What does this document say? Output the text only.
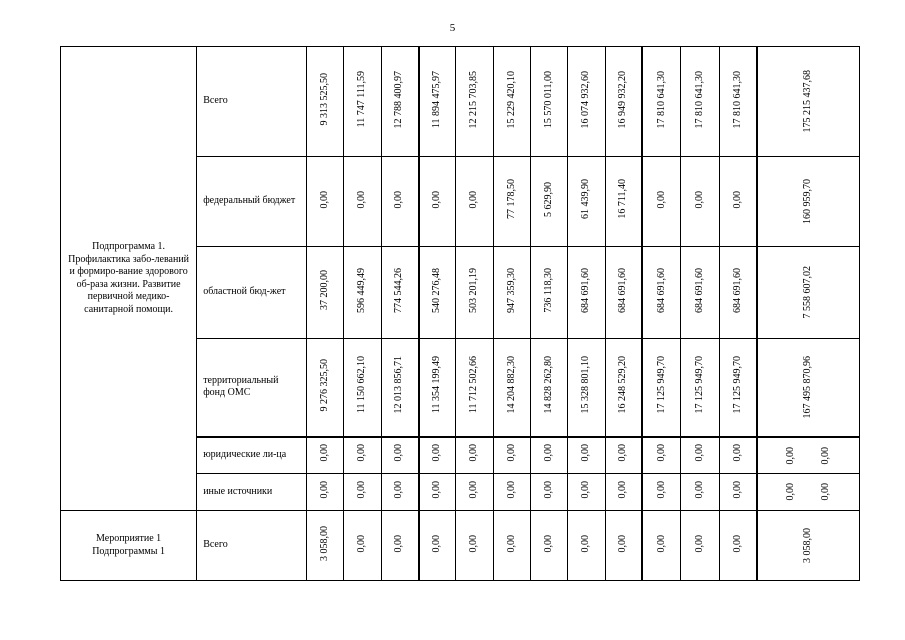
5
Подпрограмма 1. Профилактика забо-леваний и формиро-вание здорового об-раза жизни. Развитие первичной медико-санитарной помощи.	Всего	9 313 525,50	11 747 111,59	12 788 400,97	11 894 475,97	12 215 703,85	15 229 420,10	15 570 011,00	16 074 932,60	16 949 932,20	17 810 641,30	17 810 641,30	17 810 641,30	175 215 437,68

	федеральный бюджет	0,00	0,00	0,00	0,00	0,00	77 178,50	5 629,90	61 439,90	16 711,40	0,00	0,00	0,00	160 959,70

	областной бюд-жет	37 200,00	596 449,49	774 544,26	540 276,48	503 201,19	947 359,30	736 118,30	684 691,60	684 691,60	684 691,60	684 691,60	684 691,60	7 558 607,02

	территориальный фонд ОМС	9 276 325,50	11 150 662,10	12 013 856,71	11 354 199,49	11 712 502,66	14 204 882,30	14 828 262,80	15 328 801,10	16 248 529,20	17 125 949,70	17 125 949,70	17 125 949,70	167 495 870,96

	юридические ли-ца	0,00	0,00	0,00	0,00	0,00	0,00	0,00	0,00	0,00	0,00	0,00	0,00	0,00 0,00

	иные источники	0,00	0,00	0,00	0,00	0,00	0,00	0,00	0,00	0,00	0,00	0,00	0,00	0,00 0,00

Мероприятие 1 Подпрограммы 1	Всего	3 058,00	0,00	0,00	0,00	0,00	0,00	0,00	0,00	0,00	0,00	0,00	0,00	3 058,00
